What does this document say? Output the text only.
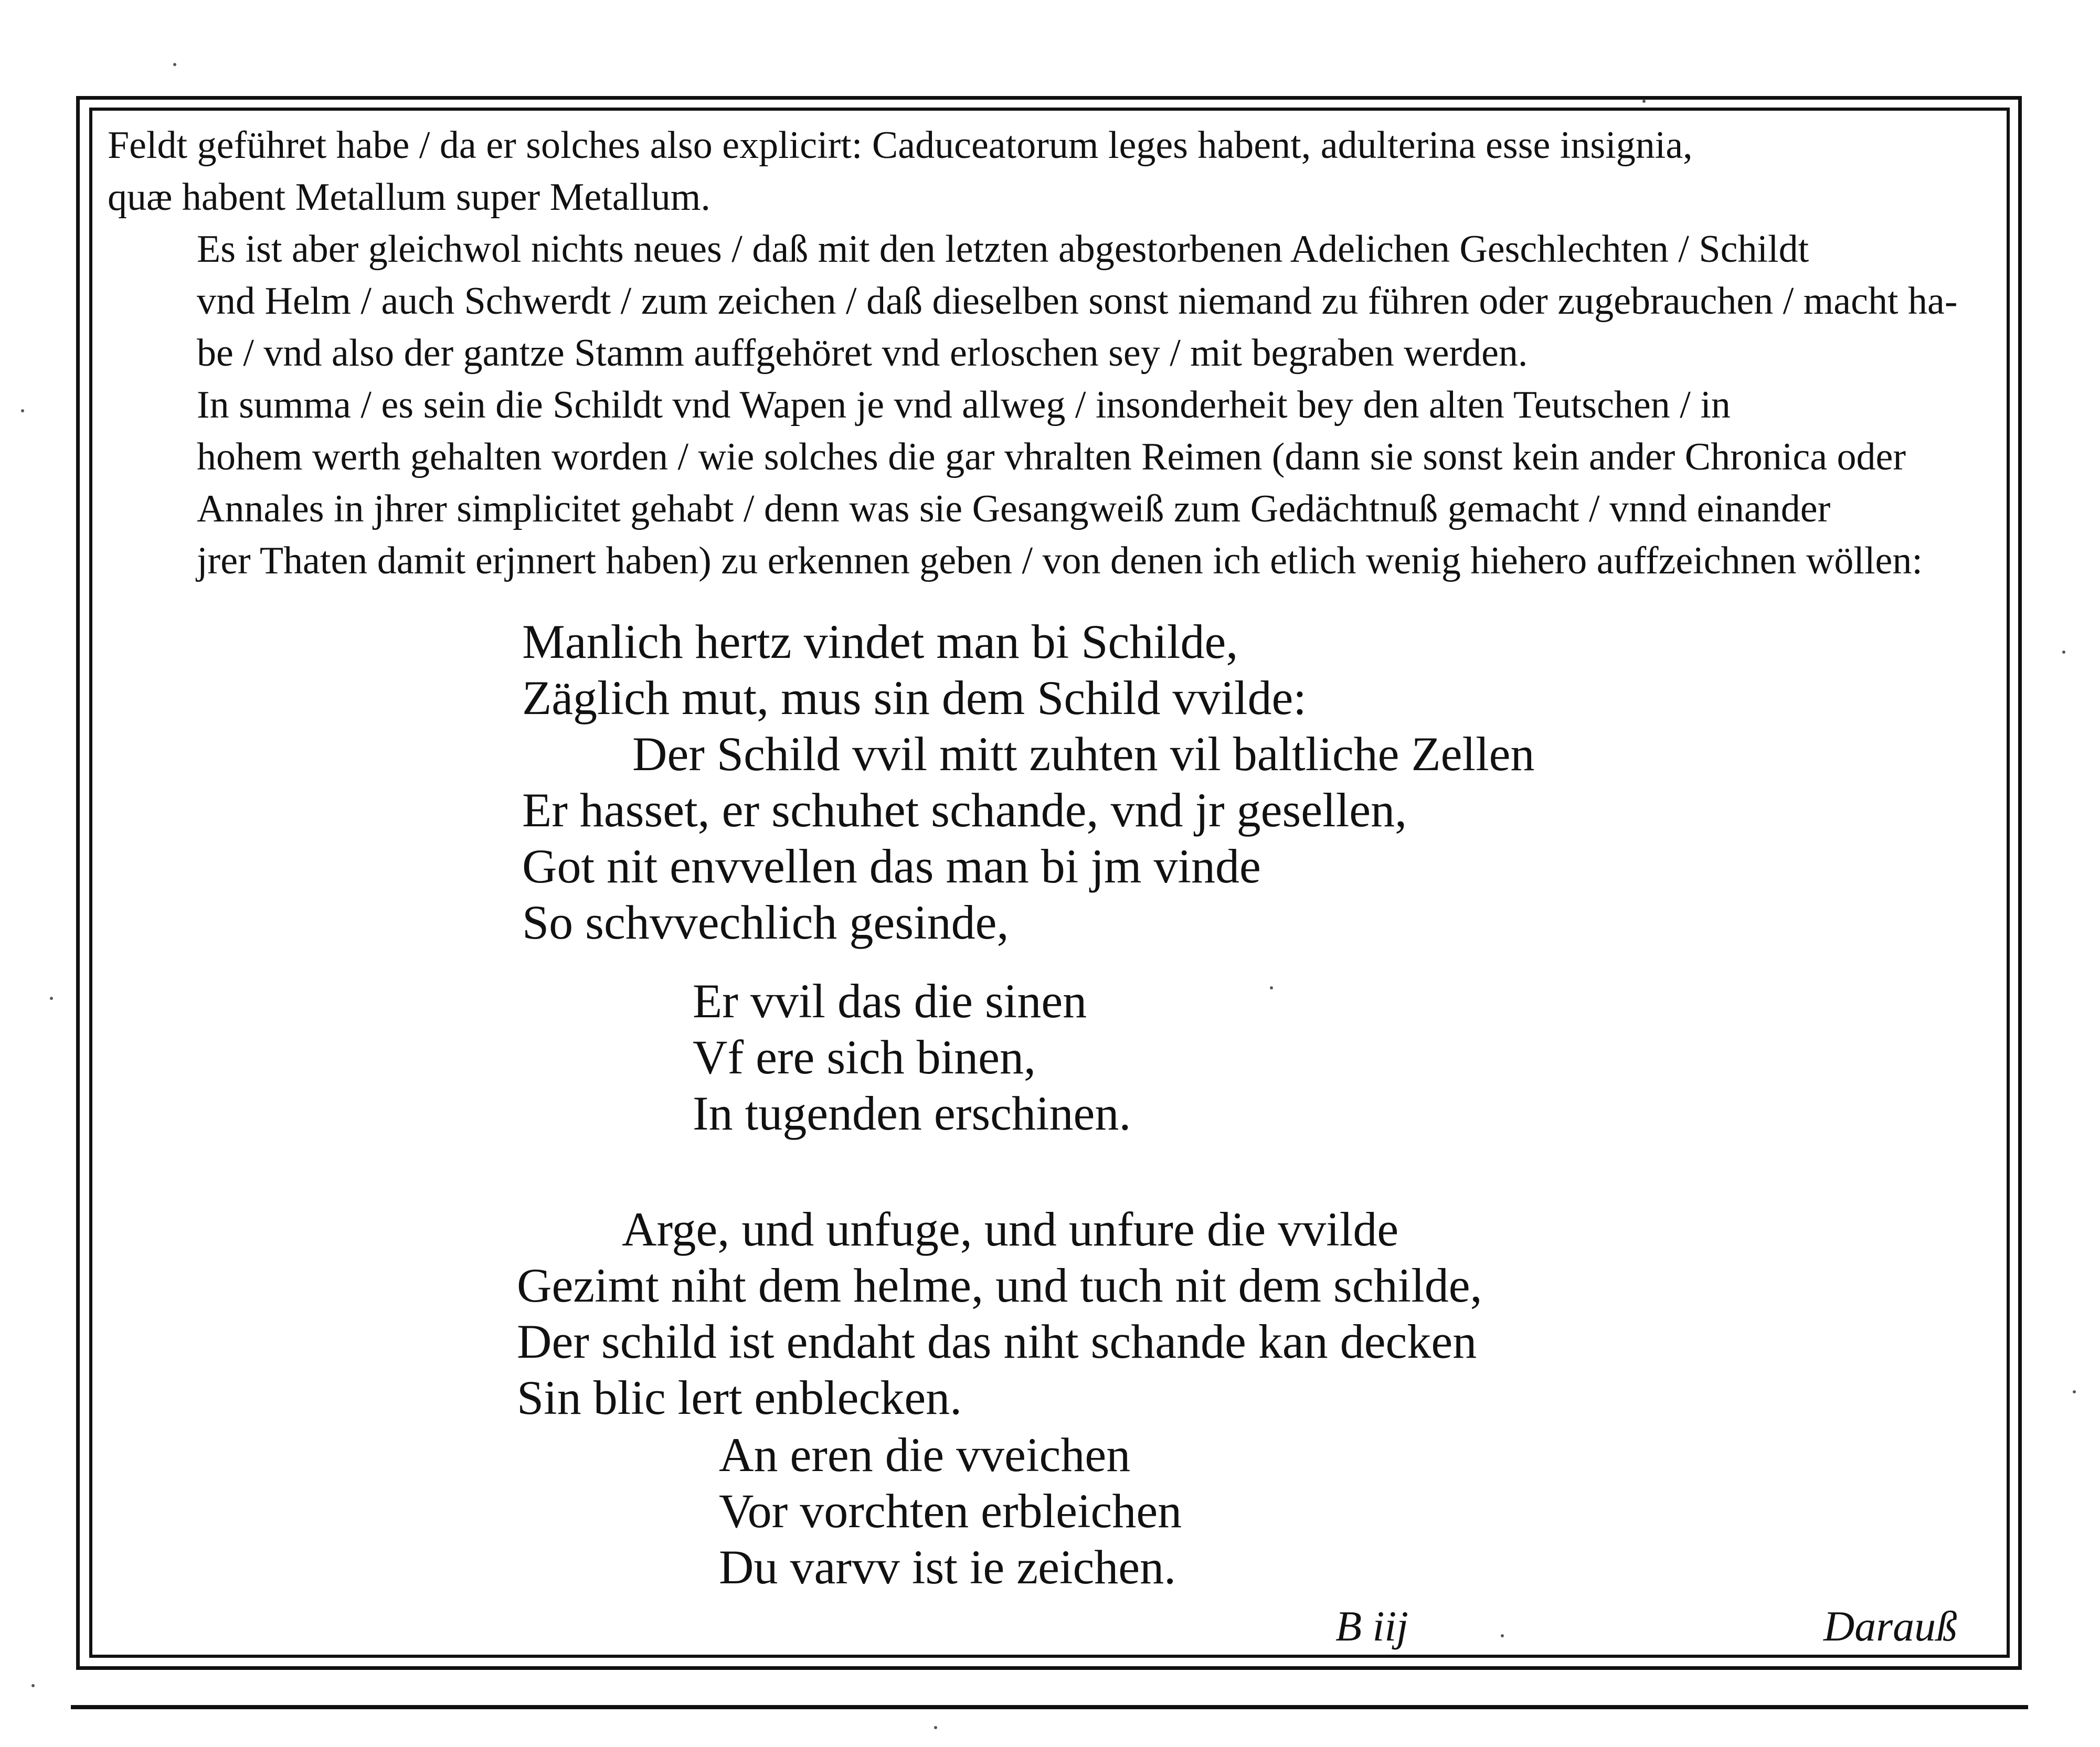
Feldt geführet habe / da er solches also explicirt: Caduceatorum leges habent, adulterina esse insignia,
quæ habent Metallum super Metallum.

Es ist aber gleichwol nichts neues / daß mit den letzten abgestorbenen Adelichen Geschlechten / Schildt
vnd Helm / auch Schwerdt / zum zeichen / daß dieselben sonst niemand zu führen oder zugebrauchen / macht ha-
be / vnd also der gantze Stamm auffgehöret vnd erloschen sey / mit begraben werden.

In summa / es sein die Schildt vnd Wapen je vnd allweg / insonderheit bey den alten Teutschen / in
hohem werth gehalten worden / wie solches die gar vhralten Reimen (dann sie sonst kein ander Chronica oder
Annales in jhrer simplicitet gehabt / denn was sie Gesangweiß zum Gedächtnuß gemacht / vnnd einander
jrer Thaten damit erjnnert haben) zu erkennen geben / von denen ich etlich wenig hiehero auffzeichnen wöllen:

Manlich hertz vindet man bi Schilde,
Zäglich mut, mus sin dem Schild vvilde:
Der Schild vvil mitt zuhten vil baltliche Zellen
Er hasset, er schuhet schande, vnd jr gesellen,
Got nit envvellen das man bi jm vinde
So schvvechlich gesinde,
Er vvil das die sinen
Vf ere sich binen,
In tugenden erschinen.
Arge, und unfuge, und unfure die vvilde
Gezimt niht dem helme, und tuch nit dem schilde,
Der schild ist endaht das niht schande kan decken
Sin blic lert enblecken.
An eren die vveichen
Vor vorchten erbleichen
Du varvv ist ie zeichen.
B iij	Darauß
